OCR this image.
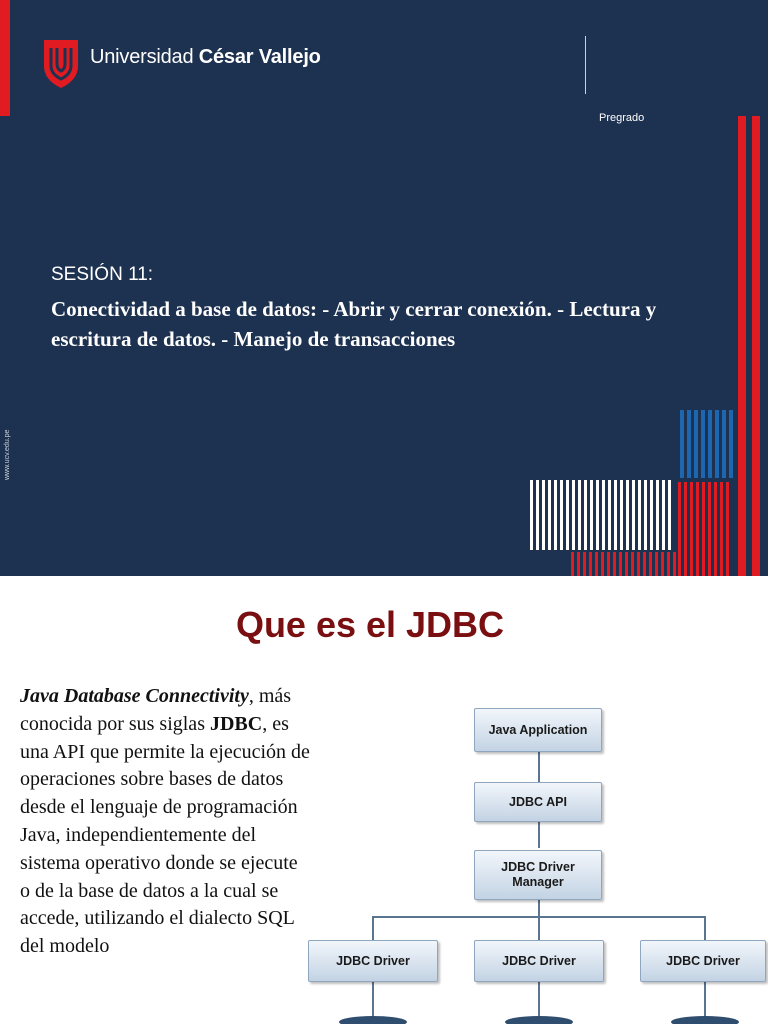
Universidad César Vallejo
Pregrado
www.ucv.edu.pe
SESIÓN 11:
Conectividad a base de datos: - Abrir y cerrar conexión. - Lectura y escritura de datos. - Manejo de transacciones
Que es el JDBC

Java Database Connectivity, más conocida por sus siglas JDBC, es una API que permite la ejecución de operaciones sobre bases de datos desde el lenguaje de programación Java, independientemente del sistema operativo donde se ejecute o de la base de datos a la cual se accede, utilizando el dialecto SQL del modelo

Java Application
JDBC API
JDBC Driver Manager
JDBC Driver	JDBC Driver	JDBC Driver
